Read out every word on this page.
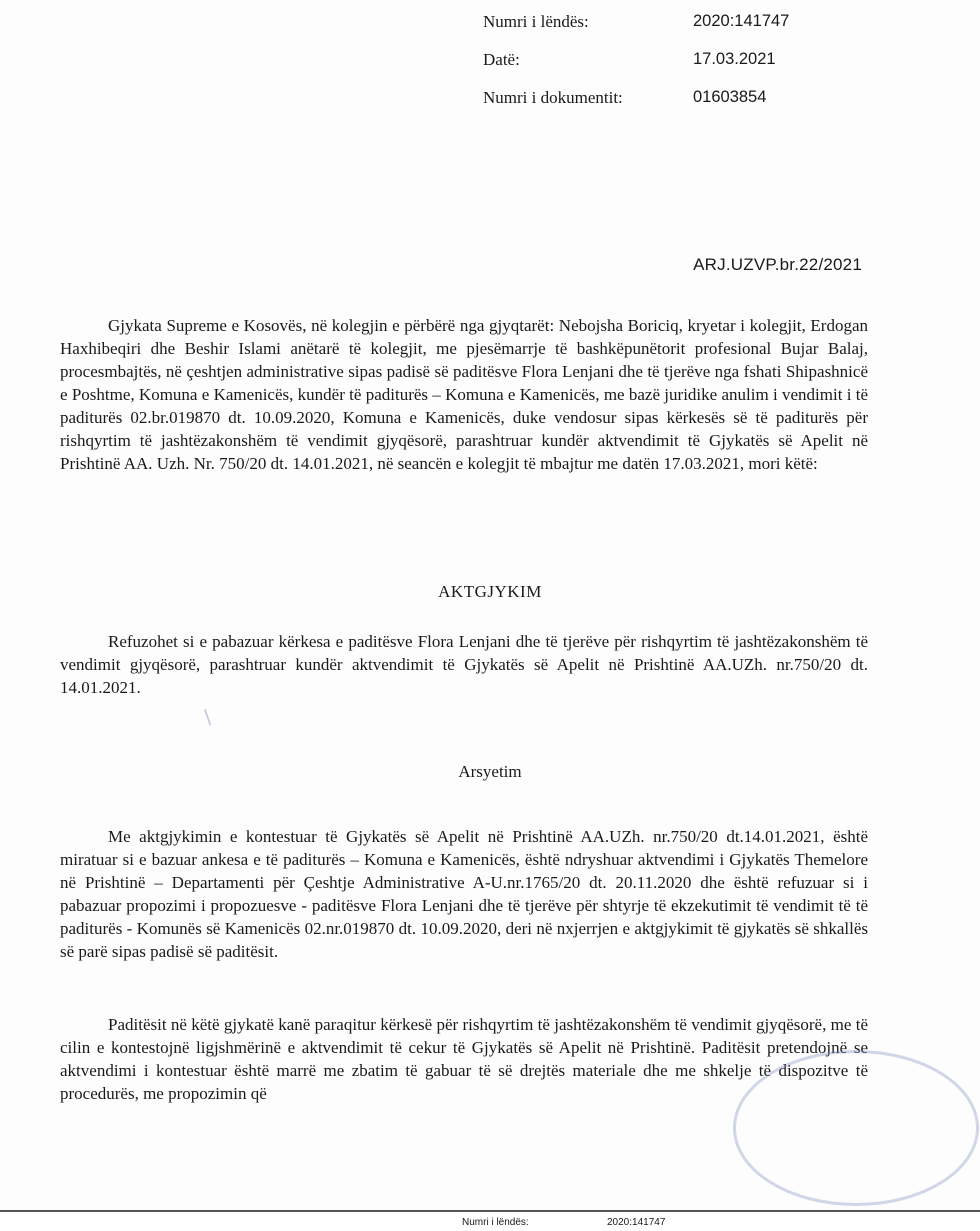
Numri i lëndës:	2020:141747
Datë:	17.03.2021
Numri i dokumentit:	01603854
ARJ.UZVP.br.22/2021

Gjykata Supreme e Kosovës, në kolegjin e përbërë nga gjyqtarët: Nebojsha Boriciq, kryetar i kolegjit, Erdogan Haxhibeqiri dhe Beshir Islami anëtarë të kolegjit, me pjesëmarrje të bashkëpunëtorit profesional Bujar Balaj, procesmbajtës, në çeshtjen administrative sipas padisë së paditësve Flora Lenjani dhe të tjerëve nga fshati Shipashnicë e Poshtme, Komuna e Kamenicës, kundër të paditurës – Komuna e Kamenicës, me bazë juridike anulim i vendimit i të paditurës 02.br.019870 dt. 10.09.2020, Komuna e Kamenicës, duke vendosur sipas kërkesës së të paditurës për rishqyrtim të jashtëzakonshëm të vendimit gjyqësorë, parashtruar kundër aktvendimit të Gjykatës së Apelit në Prishtinë AA. Uzh. Nr. 750/20 dt. 14.01.2021, në seancën e kolegjit të mbajtur me datën 17.03.2021, mori këtë:

AKTGJYKIM

Refuzohet si e pabazuar kërkesa e paditësve Flora Lenjani dhe të tjerëve për rishqyrtim të jashtëzakonshëm të vendimit gjyqësorë, parashtruar kundër aktvendimit të Gjykatës së Apelit në Prishtinë AA.UZh. nr.750/20 dt. 14.01.2021.

Arsyetim

Me aktgjykimin e kontestuar të Gjykatës së Apelit në Prishtinë AA.UZh. nr.750/20 dt.14.01.2021, është miratuar si e bazuar ankesa e të paditurës – Komuna e Kamenicës, është ndryshuar aktvendimi i Gjykatës Themelore në Prishtinë – Departamenti për Çeshtje Administrative A-U.nr.1765/20 dt. 20.11.2020 dhe është refuzuar si i pabazuar propozimi i propozuesve - paditësve Flora Lenjani dhe të tjerëve për shtyrje të ekzekutimit të vendimit të të paditurës - Komunës së Kamenicës 02.nr.019870 dt. 10.09.2020, deri në nxjerrjen e aktgjykimit të gjykatës së shkallës së parë sipas padisë së paditësit.

Paditësit në këtë gjykatë kanë paraqitur kërkesë për rishqyrtim të jashtëzakonshëm të vendimit gjyqësorë, me të cilin e kontestojnë ligjshmërinë e aktvendimit të cekur të Gjykatës së Apelit në Prishtinë. Paditësit pretendojnë se aktvendimi i kontestuar është marrë me zbatim të gabuar të së drejtës materiale dhe me shkelje të dispozitve të procedurës, me propozimin që

/
Numri i lëndës:	2020:141747
